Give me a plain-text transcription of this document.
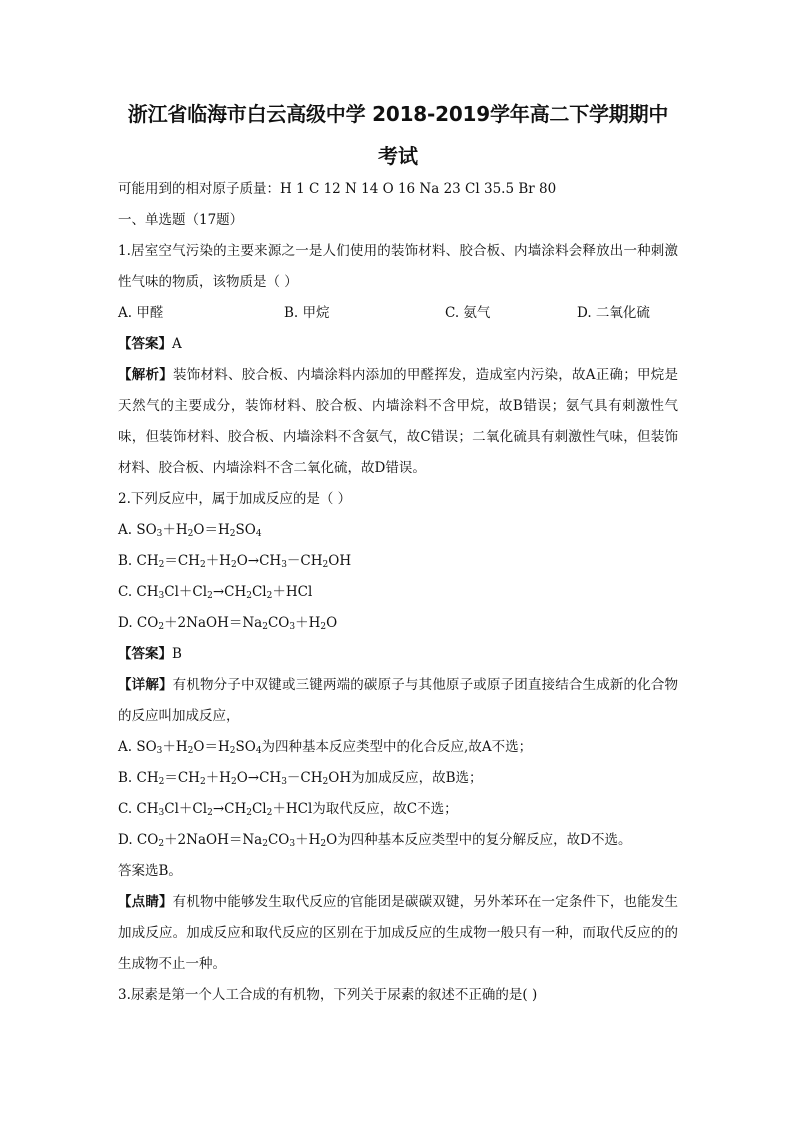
浙江省临海市白云高级中学 2018-2019学年高二下学期期中
考试

可能用到的相对原子质量：H 1 C 12 N 14 O 16 Na 23 Cl 35.5 Br 80

一、单选题（17题）

1.居室空气污染的主要来源之一是人们使用的装饰材料、胶合板、内墙涂料会释放出一种刺激性气味的物质，该物质是（ ）

A. 甲醛	B. 甲烷	C. 氨气	D. 二氧化硫

【答案】A

【解析】装饰材料、胶合板、内墙涂料内添加的甲醛挥发，造成室内污染，故A正确；甲烷是天然气的主要成分，装饰材料、胶合板、内墙涂料不含甲烷，故B错误；氨气具有刺激性气味，但装饰材料、胶合板、内墙涂料不含氨气，故C错误；二氧化硫具有刺激性气味，但装饰材料、胶合板、内墙涂料不含二氧化硫，故D错误。

2.下列反应中，属于加成反应的是（ ）

A. $SO_3+H_2O=H_2SO_4$

B. $CH_2=CH_2+H_2O\to CH_3-CH_2OH$

C. $CH_3Cl+Cl_2\to CH_2Cl_2+HCl$

D. $CO_2+2NaOH=Na_2CO_3+H_2O$

【答案】B

【详解】有机物分子中双键或三键两端的碳原子与其他原子或原子团直接结合生成新的化合物的反应叫加成反应，

A. $SO_3+H_2O=H_2SO_4$为四种基本反应类型中的化合反应,故A不选；

B. $CH_2=CH_2+H_2O\to CH_3-CH_2OH$为加成反应，故B选；

C. $CH_3Cl+Cl_2\to CH_2Cl_2+HCl$为取代反应，故C不选；

D. $CO_2+2NaOH=Na_2CO_3+H_2O$为四种基本反应类型中的复分解反应，故D不选。

答案选B。

【点睛】有机物中能够发生取代反应的官能团是碳碳双键，另外苯环在一定条件下，也能发生加成反应。加成反应和取代反应的区别在于加成反应的生成物一般只有一种，而取代反应的的生成物不止一种。

3.尿素是第一个人工合成的有机物，下列关于尿素的叙述不正确的是( )
